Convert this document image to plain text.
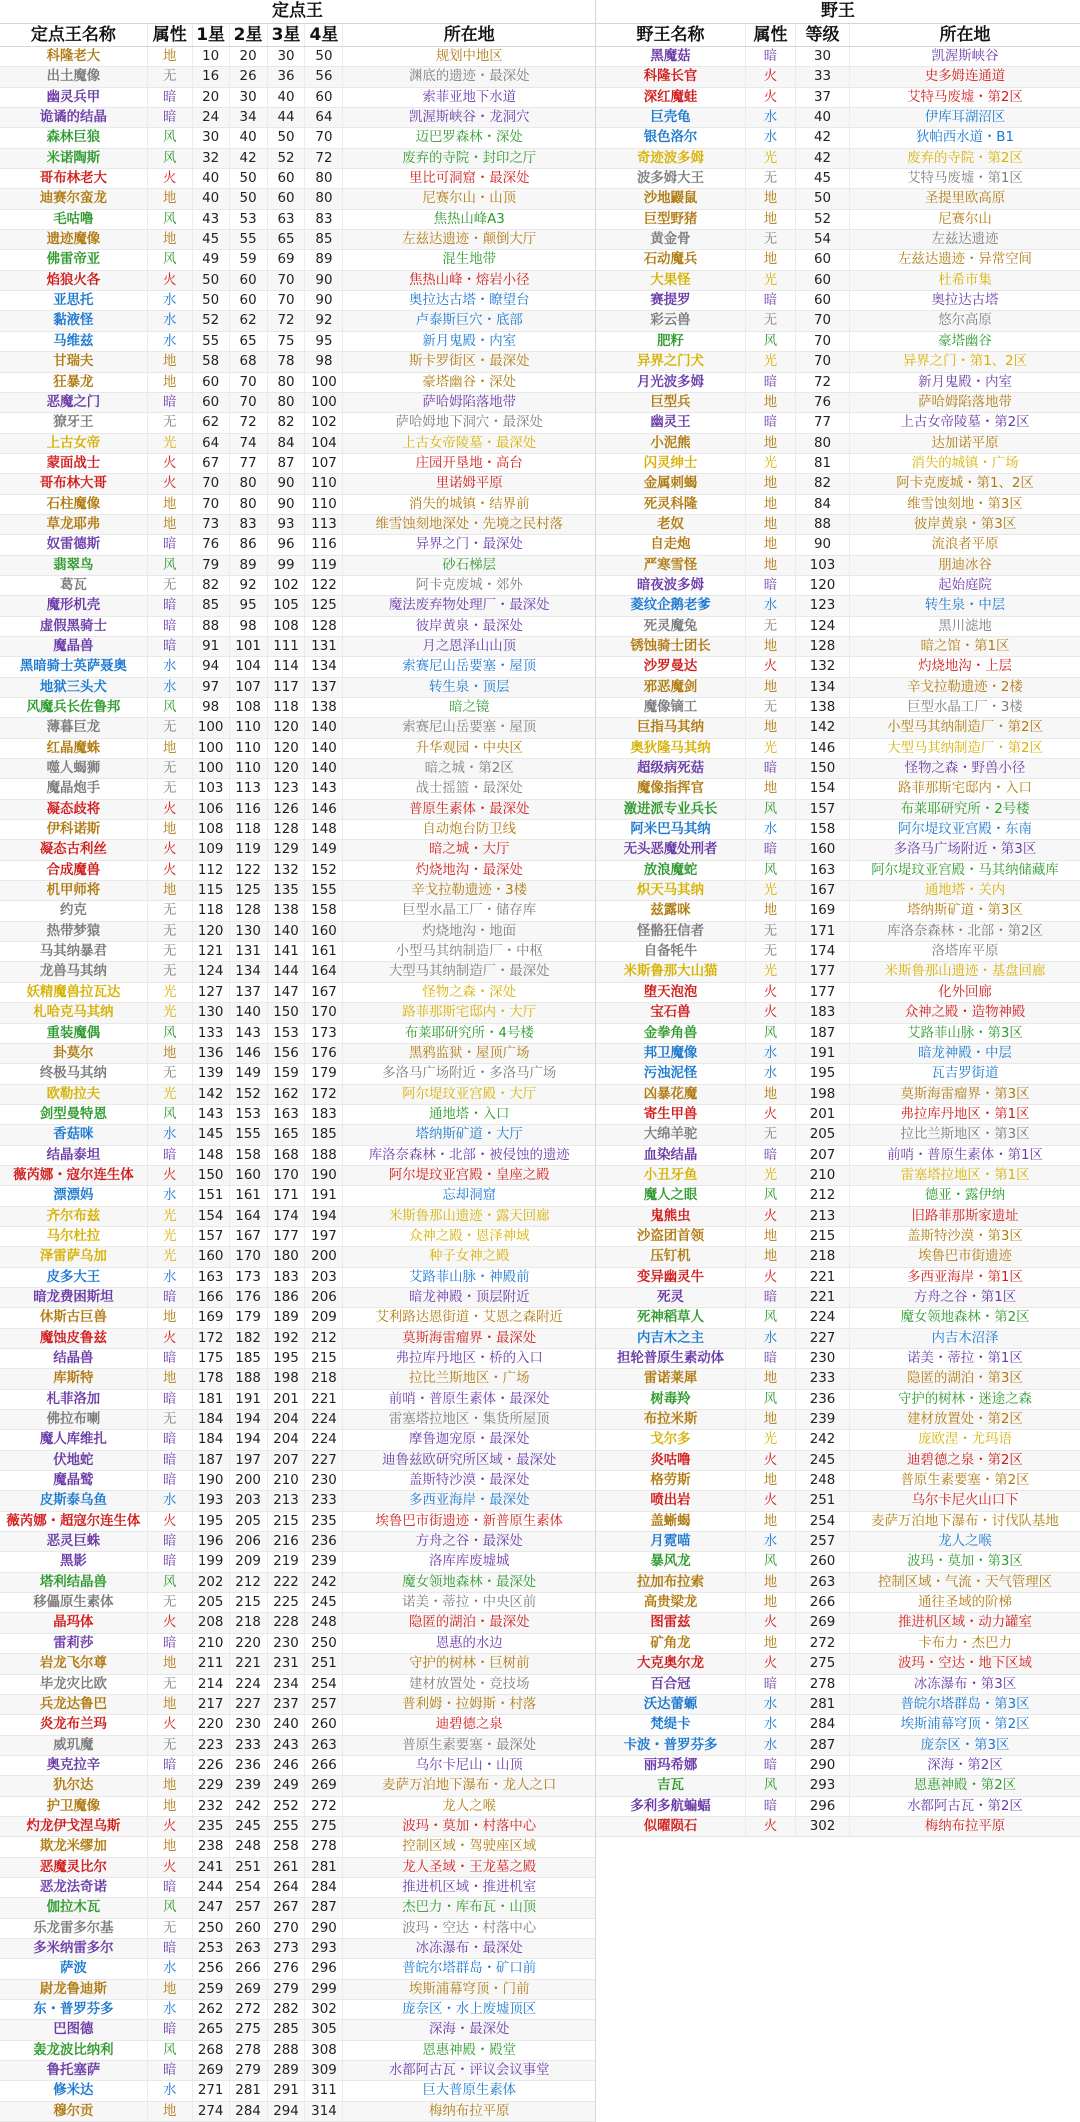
定点王
定点王名称	属性 1星 2星 3星 4星	所在地
科隆老大	地	10	20	30	50	规划中地区
出土魔像	无	16	26	36	56	渊底的遗迹・最深处
幽灵兵甲	暗	20	30	40	60	索菲亚地下水道
诡谲的结晶	暗	24	34	44	64	凯渥斯峡谷・龙洞穴
森林巨狼	风	30	40	50	70	迈巴罗森林・深处
米诺陶斯	风	32	42	52	72	废弃的寺院・封印之厅
哥布林老大	火	40	50	60	80	里比可洞窟・最深处
迪赛尔蛮龙	地	40	50	60	80	尼赛尔山・山顶
毛咕噜	风	43	53	63	83	焦热山峰A3
遗迹魔像	地	45	55	65	85	左兹达遗迹・颠倒大厅
佛雷帝亚	风	49	59	69	89	混生地带
焰狼火各	火	50	60	70	90	焦热山峰・熔岩小径
亚思托	水	50	60	70	90	奥拉达古塔・瞭望台
黏液怪	水	52	62	72	92	卢泰斯巨穴・底部
马维兹	水	55	65	75	95	新月鬼殿・内室
甘瑞夫	地	58	68	78	98	斯卡罗街区・最深处
狂暴龙	地	60	70	80	100	豪塔幽谷・深处
恶魔之门	暗	60	70	80	100	萨哈姆陷落地带
獠牙王	无	62	72	82	102	萨哈姆地下洞穴・最深处
上古女帝	光	64	74	84	104	上古女帝陵墓・最深处
蒙面战士	火	67	77	87	107	庄园开垦地・高台
哥布林大哥	火	70	80	90	110	里诺姆平原
石柱魔像	地	70	80	90	110	消失的城镇・结界前
草龙耶弗	地	73	83	93	113	维雪蚀刻地深处・先境之民村落
奴雷德斯	暗	76	86	96	116	异界之门・最深处
翡翠鸟	风	79	89	99	119	砂石梯层
葛瓦	无	82	92	102 122	阿卡克废城・郊外
魔形机壳	暗	85	95	105 125	魔法废弃物处理厂・最深处
虚假黑骑士	暗	88	98	108 128	彼岸黄泉・最深处
魔晶兽	暗	91	101 111 131	月之恩泽山山顶
黑暗骑士英萨聂奥	水	94	104 114 134	索赛尼山岳要塞・屋顶
地狱三头犬	水	97	107 117 137	转生泉・顶层
风魔兵长佐鲁邦	风	98	108 118 138	暗之镜
薄暮巨龙	无	100 110 120 140	索赛尼山岳要塞・屋顶
红晶魔蛛	地	100 110 120 140	升华观园・中央区
噬人蝎狮	无	100 110 120 140	暗之城・第2区
魔晶炮手	无	103 113 123 143	战士摇篮・最深处
凝态歧将	火	106 116 126 146	普原生素体・最深处
伊科诺斯	地	108 118 128 148	自动炮台防卫线
凝态古利丝	火	109 119 129 149	暗之城・大厅
合成魔兽	火	112 122 132 152	灼烧地沟・最深处
机甲师将	地	115 125 135 155	辛戈拉勒遗迹・3楼
约克	无	118 128 138 158	巨型水晶工厂・储存库
热带梦猿	无	120 130 140 160	灼烧地沟・地面
马其纳暴君	无	121 131 141 161	小型马其纳制造厂・中枢
龙兽马其纳	无	124 134 144 164	大型马其纳制造厂・最深处
妖精魔兽拉瓦达	光	127 137 147 167	怪物之森・深处
札哈克马其纳	光	130 140 150 170	路菲那斯宅邸内・大厅
重装魔偶	风	133 143 153 173	布莱耶研究所・4号楼
卦莫尔	地	136 146 156 176	黑鸦监狱・屋顶广场
终极马其纳	无	139 149 159 179	多洛马广场附近・多洛马广场
欧勒拉夫	光	142 152 162 172	阿尔堤玟亚宫殿・大厅
剑型曼特恩	风	143 153 163 183	通地塔・入口
香菇咪	水	145 155 165 185	塔纳斯矿道・大厅
结晶泰坦	暗	148 158 168 188	库洛奈森林・北部・被侵蚀的遗迹
薇芮娜・寇尔连生体	火	150 160 170 190	阿尔堤玟亚宫殿・皇座之殿
漂漂妈	水	151 161 171 191	忘却洞窟
齐尔布兹	光	154 164 174 194	米斯鲁那山遗迹・露天回廊
马尔杜拉	光	157 167 177 197	众神之殿・恩泽神域
泽雷萨乌加	光	160 170 180 200	种子女神之殿
皮多大王	水	163 173 183 203	艾路菲山脉・神殿前
暗龙费困斯坦	暗	166 176 186 206	暗龙神殿・顶层附近
休斯古巨兽	地	169 179 189 209	艾利路达恩街道・艾恩之森附近
魔蚀皮鲁兹	火	172 182 192 212	莫斯海雷瘤界・最深处
结晶兽	暗	175 185 195 215	弗拉库丹地区・桥的入口
库斯特	地	178 188 198 218	拉比兰斯地区・广场
札菲洛加	暗	181 191 201 221	前哨・普原生素体・最深处
佛拉布喇	无	184 194 204 224	雷塞塔拉地区・集货所屋顶
魔人库维扎	暗	184 194 204 224	摩鲁迦宠原・最深处
伏地蛇	暗	187 197 207 227	迪鲁兹欧研究所区域・最深处
魔晶鹫	暗	190 200 210 230	盖斯特沙漠・最深处
皮斯泰乌鱼	水	193 203 213 233	多西亚海岸・最深处
薇芮娜・超寇尔连生体	火	195 205 215 235	埃鲁巴市街遗迹・新普原生素体
恶灵巨蛛	暗	196 206 216 236	方舟之谷・最深处
黑影	暗	199 209 219 239	洛库库废墟城
塔利结晶兽	风	202 212 222 242	魔女领地森林・最深处
移儡原生素体	无	205 215 225 245	诺美・蒂拉・中央区前
晶玛体	火	208 218 228 248	隐匿的湖泊・最深处
雷莉莎	暗	210 220 230 250	恩惠的水边
岩龙飞尔尊	地	211 221 231 251	守护的树林・巨树前
毕龙灾比欧	无	214 224 234 254	建材放置处・竞技场
兵龙达鲁巴	地	217 227 237 257	普利姆・拉姆斯・村落
炎龙布兰玛	火	220 230 240 260	迪碧德之泉
威玑魔	无	223 233 243 263	普原生素要塞・最深处
奥克拉辛	暗	226 236 246 266	乌尔卡尼山・山顶
犰尔达	地	229 239 249 269	麦萨万泊地下瀑布・龙人之口
护卫魔像	地	232 242 252 272	龙人之喉
灼龙伊戈涅乌斯	火	235 245 255 275	波玛・莫加・村落中心
欺龙米缪加	地	238 248 258 278	控制区域・驾驶座区域
恶魔灵比尔	火	241 251 261 281	龙人圣域・王龙墓之殿
恶龙法奇诺	暗	244 254 264 284	推进机区域・推进机室
伽拉木瓦	风	247 257 267 287	杰巴力・库布瓦・山顶
乐龙雷多尔基	无	250 260 270 290	波玛・空达・村落中心
多米纳雷多尔	暗	253 263 273 293	冰冻瀑布・最深处
萨波	水	256 266 276 296	普皖尔塔群岛・矿口前
尉龙鲁迪斯	地	259 269 279 299	埃斯浦幕穹顶・门前
东・普罗芬多	水	262 272 282 302	庞奈区・水上废墟顶区
巴图德	暗	265 275 285 305	深海・最深处
轰龙波比纳利	风	268 278 288 308	恩惠神殿・殿堂
鲁托塞萨	暗	269 279 289 309	水都阿古瓦・评议会议事堂
修米达	水	271 281 291 311	巨大普原生素体
穆尔贡	地	274 284 294 314	梅纳布拉平原
野王
野王名称	属性	等级	所在地
黑魔菇	暗	30	凯渥斯峡谷
科隆长官	火	33	史多姆连通道
深红魔蛙	火	37	艾特马废墟・第2区
巨壳龟	水	40	伊库耳湖沼区
银色洛尔	水	42	狄帕西水道・B1
奇迹波多姆	光	42	废弃的寺院・第2区
波多姆大王	无	45	艾特马废墟・第1区
沙地鼹鼠	地	50	圣提里欧高原
巨型野猪	地	52	尼赛尔山
黄金骨	无	54	左兹达遗迹
石动魔兵	地	60	左兹达遗迹・异常空间
大果怪	光	60	杜希市集
赛提罗	暗	60	奥拉达古塔
彩云兽	无	70	悠尔高原
肥籽	风	70	豪塔幽谷
异界之门犬	光	70	异界之门・第1、2区
月光波多姆	暗	72	新月鬼殿・内室
巨型兵	地	76	萨哈姆陷落地带
幽灵王	暗	77	上古女帝陵墓・第2区
小泥熊	地	80	达加诺平原
闪灵绅士	光	81	消失的城镇・广场
金属刺蝎	地	82	阿卡克废城・第1、2区
死灵科隆	地	84	维雪蚀刻地・第3区
老奴	地	88	彼岸黄泉・第3区
自走炮	地	90	流浪者平原
严寒雪怪	地	103	朋迪冰谷
暗夜波多姆	暗	120	起始庭院
菱纹企鹅老爹	水	123	转生泉・中层
死灵魔兔	无	124	黑川滤地
锈蚀骑士团长	地	128	暗之馆・第1区
沙罗曼达	火	132	灼烧地沟・上层
邪恶魔剑	地	134	辛戈拉勒遗迹・2楼
魔像镝工	无	138	巨型水晶工厂・3楼
巨指马其纳	地	142	小型马其纳制造厂・第2区
奥狄隆马其纳	光	146	大型马其纳制造厂・第2区
超级病死菇	暗	150	怪物之森・野兽小径
魔像指挥官	地	154	路菲那斯宅邸内・入口
激进派专业兵长	风	157	布莱耶研究所・2号楼
阿米巴马其纳	水	158	阿尔堤玟亚宫殿・东南
无头恶魔处刑者	暗	160	多洛马广场附近・第3区
放浪魔蛇	风	163	阿尔堤玟亚宫殿・马其纳储藏库
炽天马其纳	光	167	通地塔・关内
兹露咪	地	169	塔纳斯矿道・第3区
怪骼狂信者	无	171	库洛奈森林・北部・第2区
自备牦牛	无	174	洛塔库平原
米斯鲁那大山猫	光	177	米斯鲁那山遗迹・基盘回廊
堕天泡泡	火	177	化外回廊
宝石兽	火	183	众神之殿・造物神殿
金拳角兽	风	187	艾路菲山脉・第3区
邦卫魔像	水	191	暗龙神殿・中层
污浊泥怪	水	195	瓦吉罗街道
凶暴花魔	地	198	莫斯海雷瘤界・第3区
寄生甲兽	火	201	弗拉库丹地区・第1区
大绵羊驼	无	205	拉比兰斯地区・第3区
血染结晶	暗	207	前哨・普原生素体・第1区
小丑牙鱼	光	210	雷塞塔拉地区・第1区
魔人之眼	风	212	德亚・露伊纳
鬼熊虫	火	213	旧路菲那斯家遗址
沙盗团首领	地	215	盖斯特沙漠・第3区
压钉机	地	218	埃鲁巴市街遗迹
变异幽灵牛	火	221	多西亚海岸・第1区
死灵	暗	221	方舟之谷・第1区
死神稻草人	风	224	魔女领地森林・第2区
内吉木之主	水	227	内吉木沼泽
担轮普原生素动体	暗	230	诺美・蒂拉・第1区
雷诺莱犀	地	233	隐匿的湖泊・第3区
树毒羚	风	236	守护的树林・迷途之森
布拉米斯	地	239	建材放置处・第2区
戈尔多	光	242	庞欧涅・尤玛语
炎咕噜	火	245	迪碧德之泉・第2区
格劳斯	地	248	普原生素要塞・第2区
喷出岩	火	251	乌尔卡尼火山口下
盖蜥蝎	地	254	麦萨万泊地下瀑布・讨伐队基地
月霓喵	水	257	龙人之喉
暴风龙	风	260	波玛・莫加・第3区
拉加布拉索	地	263	控制区域・气流・天气管理区
高贵梁龙	地	266	通往圣域的阶梯
图雷兹	火	269	推进机区域・动力罐室
矿角龙	地	272	卡布力・杰巴力
大克奥尔龙	火	275	波玛・空达・地下区域
百合冠	暗	278	冰冻瀑布・第3区
沃达蕾螈	水	281	普皖尔塔群岛・第3区
梵缇卡	水	284	埃斯浦幕穹顶・第2区
卡波・普罗芬多	水	287	庞奈区・第3区
丽玛希娜	暗	290	深海・第2区
吉瓦	风	293	恩惠神殿・第2区
多利多航蝙蝠	暗	296	水都阿古瓦・第2区
似曜陨石	火	302	梅纳布拉平原
